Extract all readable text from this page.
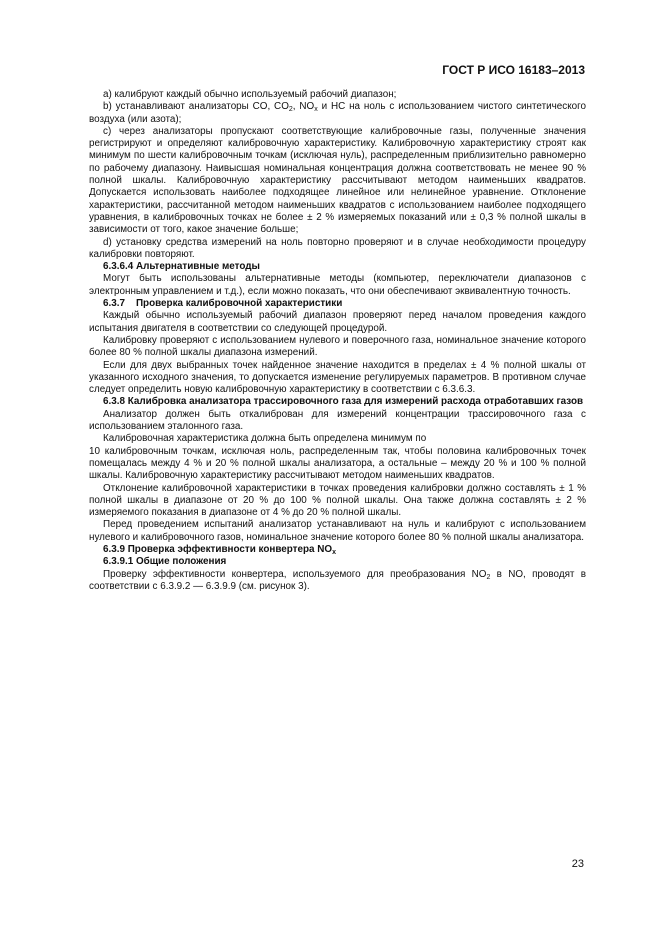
ГОСТ Р ИСО 16183–2013

a) калибруют каждый обычно используемый рабочий диапазон;

b) устанавливают анализаторы CO, $CO_2$, $NO_x$ и HC на ноль с использованием чистого синтетического воздуха (или азота);

c) через анализаторы пропускают соответствующие калибровочные газы, полученные значения регистрируют и определяют калибровочную характеристику. Калибровочную характеристику строят как минимум по шести калибровочным точкам (исключая нуль), распределенным приблизительно равномерно по рабочему диапазону. Наивысшая номинальная концентрация должна соответствовать не менее 90 % полной шкалы. Калибровочную характеристику рассчитывают методом наименьших квадратов. Допускается использовать наиболее подходящее линейное или нелинейное уравнение. Отклонение характеристики, рассчитанной методом наименьших квадратов с использованием наиболее подходящего уравнения, в калибровочных точках не более ± 2 % измеряемых показаний или ± 0,3 % полной шкалы в зависимости от того, какое значение больше;

d) установку средства измерений на ноль повторно проверяют и в случае необходимости процедуру калибровки повторяют.

6.3.6.4 Альтернативные методы

Могут быть использованы альтернативные методы (компьютер, переключатели диапазонов с электронным управлением и т.д.), если можно показать, что они обеспечивают эквивалентную точность.

6.3.7 Проверка калибровочной характеристики

Каждый обычно используемый рабочий диапазон проверяют перед началом проведения каждого испытания двигателя в соответствии со следующей процедурой.

Калибровку проверяют с использованием нулевого и поверочного газа, номинальное значение которого более 80 % полной шкалы диапазона измерений.

Если для двух выбранных точек найденное значение находится в пределах ± 4 % полной шкалы от указанного исходного значения, то допускается изменение регулируемых параметров. В противном случае следует определить новую калибровочную характеристику в соответствии с 6.3.6.3.

6.3.8 Калибровка анализатора трассировочного газа для измерений расхода отработавших газов

Анализатор должен быть откалиброван для измерений концентрации трассировочного газа с использованием эталонного газа.

Калибровочная характеристика должна быть определена минимум по

10 калибровочным точкам, исключая ноль, распределенным так, чтобы половина калибровочных точек помещалась между 4 % и 20 % полной шкалы анализатора, а остальные – между 20 % и 100 % полной шкалы. Калибровочную характеристику рассчитывают методом наименьших квадратов.

Отклонение калибровочной характеристики в точках проведения калибровки должно составлять ± 1 % полной шкалы в диапазоне от 20 % до 100 % полной шкалы. Она также должна составлять ± 2 % измеряемого показания в диапазоне от 4 % до 20 % полной шкалы.

Перед проведением испытаний анализатор устанавливают на нуль и калибруют с использованием нулевого и калибровочного газов, номинальное значение которого более 80 % полной шкалы анализатора.

6.3.9 Проверка эффективности конвертера $NO_x$

6.3.9.1 Общие положения

Проверку эффективности конвертера, используемого для преобразования $NO_2$ в NO, проводят в соответствии с 6.3.9.2 — 6.3.9.9 (см. рисунок 3).

23
